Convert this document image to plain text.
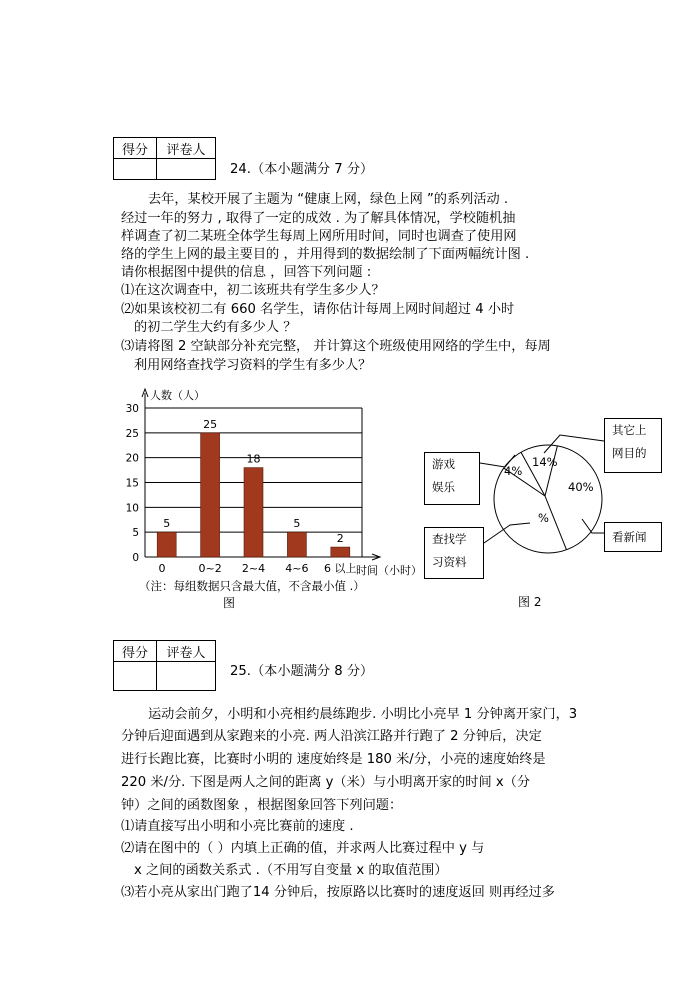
得分	评卷人

24.（本小题满分 7 分）
去年，某校开展了主题为 “健康上网，绿色上网 ”的系列活动 .
经过一年的努力 , 取得了一定的成效 . 为了解具体情况，学校随机抽
样调查了初二某班全体学生每周上网所用时间，同时也调查了使用网
络的学生上网的最主要目的 ，并用得到的数据绘制了下面两幅统计图 .
请你根据图中提供的信息 ，回答下列问题 :
⑴在这次调查中，初二该班共有学生多少人？
⑵如果该校初二有 660 名学生，请你估计每周上网时间超过 4 小时
的初二学生大约有多少人 ？
⑶请将图 2 空缺部分补充完整， 并计算这个班级使用网络的学生中，每周
利用网络查找学习资料的学生有多少人？
0
5
10
15
20
25
30
人数（人）
时间（小时）
5
0
25
0~2
18
2~4
5
4~6
2
6 以上
（注：每组数据只含最大值，不含最小值 .）
图
14%
40%
%
4%
游戏
娱乐
查找学
习资料
其它上
网目的
看新闻
图 2
得分	评卷人

25.（本小题满分 8 分）
运动会前夕，小明和小亮相约晨练跑步. 小明比小亮早 1 分钟离开家门，3
分钟后迎面遇到从家跑来的小亮. 两人沿滨江路并行跑了 2 分钟后，决定
进行长跑比赛，比赛时小明的 速度始终是 180 米/分，小亮的速度始终是
220 米/分. 下图是两人之间的距离 y（米）与小明离开家的时间 x（分
钟）之间的函数图象 ，根据图象回答下列问题：
⑴请直接写出小明和小亮比赛前的速度 .
⑵请在图中的（ ）内填上正确的值，并求两人比赛过程中 y 与
x 之间的函数关系式 .（不用写自变量 x 的取值范围）
⑶若小亮从家出门跑了14 分钟后，按原路以比赛时的速度返回 则再经过多
